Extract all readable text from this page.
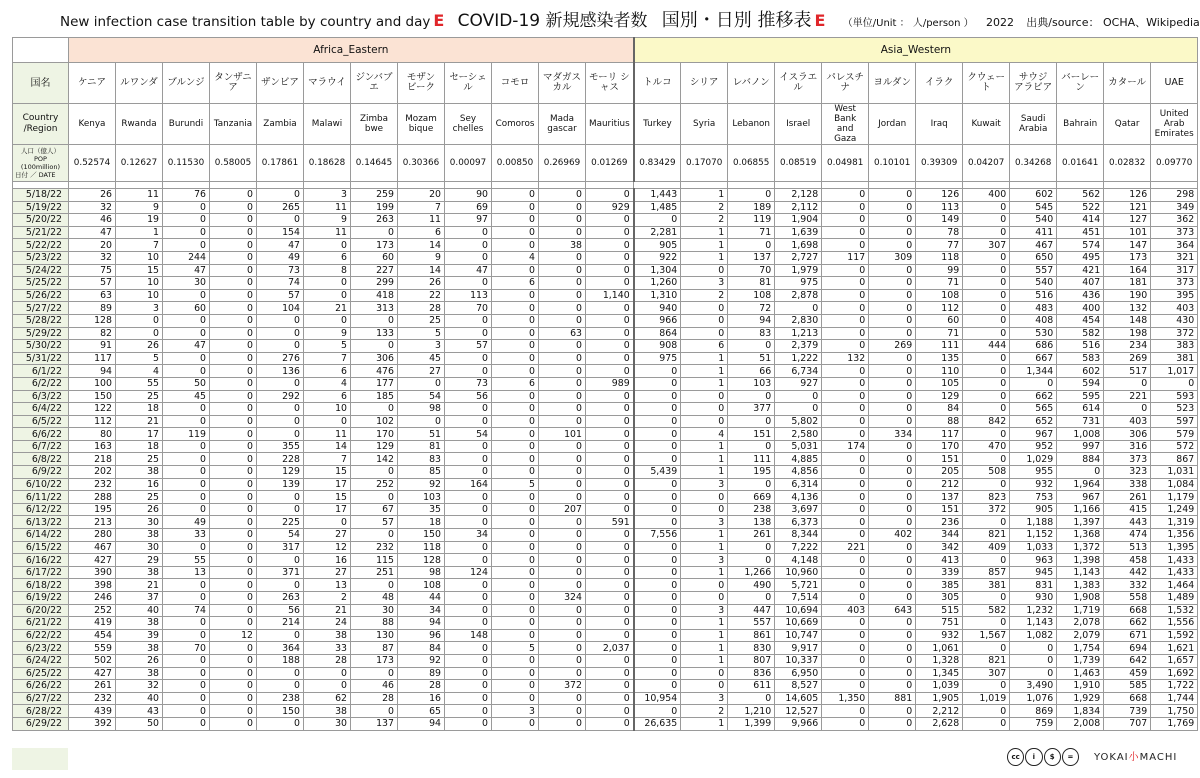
New infection case transition table by country and day E COVID-19 新規感染者数 国別・日別 推移表 E （単位/Unit ： 人/person ） 2022 出典/source： OCHA、Wikipedia
	Africa_Eastern												Asia_Western											
国名	ケニア	ルワンダ	ブルンジ	タンザニア	ザンビア	マラウイ	ジンバブエ	モザン ビーク	セーシェル	コモロ	マダガス カル	モーリ シャス	トルコ	シリア	レバノン	イスラエル	パレスチナ	ヨルダン	イラク	クウェート	サウジ アラビア	バーレーン	カタール	UAE
Country /Region	Kenya	Rwanda	Burundi	Tanzania	Zambia	Malawi	Zimba bwe	Mozam bique	Sey chelles	Comoros	Mada gascar	Mauritius	Turkey	Syria	Lebanon	Israel	West Bank and Gaza	Jordan	Iraq	Kuwait	Saudi Arabia	Bahrain	Qatar	United Arab Emirates

人口（億人） POP (100million)
日付 ／ DATE	0.52574	0.12627	0.11530	0.58005	0.17861	0.18628	0.14645	0.30366	0.00097	0.00850	0.26969	0.01269	0.83429	0.17070	0.06855	0.08519	0.04981	0.10101	0.39309	0.04207	0.34268	0.01641	0.02832	0.09770

5/18/22	26	11	76	0	0	3	259	20	90	0	0	0	1,443	1	0	2,128	0	0	126	400	602	562	126	298
5/19/22	32	9	0	0	265	11	199	7	69	0	0	929	1,485	2	189	2,112	0	0	113	0	545	522	121	349
5/20/22	46	19	0	0	0	9	263	11	97	0	0	0	0	2	119	1,904	0	0	149	0	540	414	127	362
5/21/22	47	1	0	0	154	11	0	6	0	0	0	0	2,281	1	71	1,639	0	0	78	0	411	451	101	373
5/22/22	20	7	0	0	47	0	173	14	0	0	38	0	905	1	0	1,698	0	0	77	307	467	574	147	364
5/23/22	32	10	244	0	49	6	60	9	0	4	0	0	922	1	137	2,727	117	309	118	0	650	495	173	321
5/24/22	75	15	47	0	73	8	227	14	47	0	0	0	1,304	0	70	1,979	0	0	99	0	557	421	164	317
5/25/22	57	10	30	0	74	0	299	26	0	6	0	0	1,260	3	81	975	0	0	71	0	540	407	181	373
5/26/22	63	10	0	0	57	0	418	22	113	0	0	1,140	1,310	2	108	2,878	0	0	108	0	516	436	190	395
5/27/22	89	3	60	0	104	21	313	28	70	0	0	0	940	0	72	0	0	0	112	0	483	400	132	403
5/28/22	128	0	0	0	0	0	0	25	0	0	0	0	966	0	94	2,830	0	0	60	0	408	454	148	430
5/29/22	82	0	0	0	0	9	133	5	0	0	63	0	864	0	83	1,213	0	0	71	0	530	582	198	372
5/30/22	91	26	47	0	0	5	0	3	57	0	0	0	908	6	0	2,379	0	269	111	444	686	516	234	383
5/31/22	117	5	0	0	276	7	306	45	0	0	0	0	975	1	51	1,222	132	0	135	0	667	583	269	381
6/1/22	94	4	0	0	136	6	476	27	0	0	0	0	0	1	66	6,734	0	0	110	0	1,344	602	517	1,017
6/2/22	100	55	50	0	0	4	177	0	73	6	0	989	0	1	103	927	0	0	105	0	0	594	0	0
6/3/22	150	25	45	0	292	6	185	54	56	0	0	0	0	0	0	0	0	0	129	0	662	595	221	593
6/4/22	122	18	0	0	0	10	0	98	0	0	0	0	0	0	377	0	0	0	84	0	565	614	0	523
6/5/22	112	21	0	0	0	0	102	0	0	0	0	0	0	0	0	5,802	0	0	88	842	652	731	403	597
6/6/22	80	17	119	0	0	11	170	51	54	0	101	0	0	4	151	2,580	0	334	117	0	967	1,008	306	579
6/7/22	163	18	0	0	355	14	129	81	0	0	0	0	0	1	0	5,031	174	0	170	470	952	997	316	572
6/8/22	218	25	0	0	228	7	142	83	0	0	0	0	0	1	111	4,885	0	0	151	0	1,029	884	373	867
6/9/22	202	38	0	0	129	15	0	85	0	0	0	0	5,439	1	195	4,856	0	0	205	508	955	0	323	1,031
6/10/22	232	16	0	0	139	17	252	92	164	5	0	0	0	3	0	6,314	0	0	212	0	932	1,964	338	1,084
6/11/22	288	25	0	0	0	15	0	103	0	0	0	0	0	0	669	4,136	0	0	137	823	753	967	261	1,179
6/12/22	195	26	0	0	0	17	67	35	0	0	207	0	0	0	238	3,697	0	0	151	372	905	1,166	415	1,249
6/13/22	213	30	49	0	225	0	57	18	0	0	0	591	0	3	138	6,373	0	0	236	0	1,188	1,397	443	1,319
6/14/22	280	38	33	0	54	27	0	150	34	0	0	0	7,556	1	261	8,344	0	402	344	821	1,152	1,368	474	1,356
6/15/22	467	30	0	0	317	12	232	118	0	0	0	0	0	1	0	7,222	221	0	342	409	1,033	1,372	513	1,395
6/16/22	427	29	55	0	0	16	115	128	0	0	0	0	0	3	0	4,148	0	0	413	0	963	1,398	458	1,433
6/17/22	390	38	13	0	371	27	251	98	124	0	0	0	0	1	1,266	10,960	0	0	339	857	945	1,143	442	1,433
6/18/22	398	21	0	0	0	13	0	108	0	0	0	0	0	0	490	5,721	0	0	385	381	831	1,383	332	1,464
6/19/22	246	37	0	0	263	2	48	44	0	0	324	0	0	0	0	7,514	0	0	305	0	930	1,908	558	1,489
6/20/22	252	40	74	0	56	21	30	34	0	0	0	0	0	3	447	10,694	403	643	515	582	1,232	1,719	668	1,532
6/21/22	419	38	0	0	214	24	88	94	0	0	0	0	0	1	557	10,669	0	0	751	0	1,143	2,078	662	1,556
6/22/22	454	39	0	12	0	38	130	96	148	0	0	0	0	1	861	10,747	0	0	932	1,567	1,082	2,079	671	1,592
6/23/22	559	38	70	0	364	33	87	84	0	5	0	2,037	0	1	830	9,917	0	0	1,061	0	0	1,754	694	1,621
6/24/22	502	26	0	0	188	28	173	92	0	0	0	0	0	1	807	10,337	0	0	1,328	821	0	1,739	642	1,657
6/25/22	427	38	0	0	0	0	0	89	0	0	0	0	0	0	836	6,950	0	0	1,345	307	0	1,463	459	1,692
6/26/22	261	32	0	0	0	0	46	28	0	0	372	0	0	0	611	8,527	0	0	1,039	0	3,490	1,910	585	1,722
6/27/22	232	40	0	0	238	62	28	16	0	0	0	0	10,954	3	0	14,605	1,350	881	1,905	1,019	1,076	1,929	668	1,744
6/28/22	439	43	0	0	150	38	0	65	0	3	0	0	0	2	1,210	12,527	0	0	2,212	0	869	1,834	739	1,750
6/29/22	392	50	0	0	0	30	137	94	0	0	0	0	26,635	1	1,399	9,966	0	0	2,628	0	759	2,008	707	1,769
cc	i	$	=	YOKAI小MACHI
